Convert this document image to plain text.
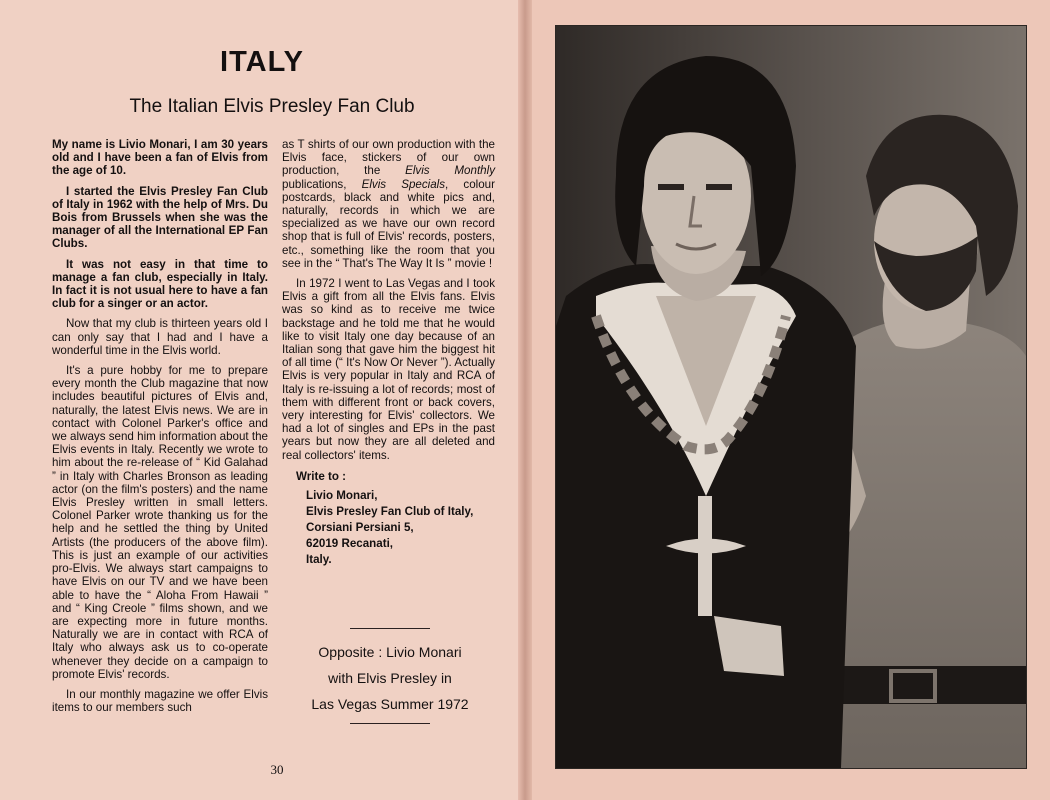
ITALY
The Italian Elvis Presley Fan Club

My name is Livio Monari, I am 30 years old and I have been a fan of Elvis from the age of 10.

I started the Elvis Presley Fan Club of Italy in 1962 with the help of Mrs. Du Bois from Brussels when she was the manager of all the International EP Fan Clubs.

It was not easy in that time to manage a fan club, especially in Italy. In fact it is not usual here to have a fan club for a singer or an actor.

Now that my club is thirteen years old I can only say that I had and I have a wonderful time in the Elvis world.

It's a pure hobby for me to prepare every month the Club magazine that now includes beautiful pictures of Elvis and, naturally, the latest Elvis news. We are in contact with Colonel Parker's office and we always send him information about the Elvis events in Italy. Recently we wrote to him about the re-release of “ Kid Galahad ” in Italy with Charles Bronson as leading actor (on the film's posters) and the name Elvis Presley written in small letters. Colonel Parker wrote thanking us for the help and he settled the thing by United Artists (the producers of the above film). This is just an example of our activities pro-Elvis. We always start campaigns to have Elvis on our TV and we have been able to have the “ Aloha From Hawaii ” and “ King Creole ” films shown, and we are expecting more in future months. Naturally we are in contact with RCA of Italy who always ask us to co-operate whenever they decide on a campaign to promote Elvis' records.

In our monthly magazine we offer Elvis items to our members such

as T shirts of our own production with the Elvis face, stickers of our own production, the Elvis Monthly publications, Elvis Specials, colour postcards, black and white pics and, naturally, records in which we are specialized as we have our own record shop that is full of Elvis' records, posters, etc., something like the room that you see in the “ That's The Way It Is ” movie !

In 1972 I went to Las Vegas and I took Elvis a gift from all the Elvis fans. Elvis was so kind as to receive me twice backstage and he told me that he would like to visit Italy one day because of an Italian song that gave him the biggest hit of all time (“ It's Now Or Never ”). Actually Elvis is very popular in Italy and RCA of Italy is re-issuing a lot of records; most of them with different front or back covers, very interesting for Elvis' collectors. We had a lot of singles and EPs in the past years but now they are all deleted and real collectors' items.

Write to :
Livio Monari,
Elvis Presley Fan Club of Italy,
Corsiani Persiani 5,
62019 Recanati,
Italy.
Opposite : Livio Monari
with Elvis Presley in
Las Vegas Summer 1972
30
